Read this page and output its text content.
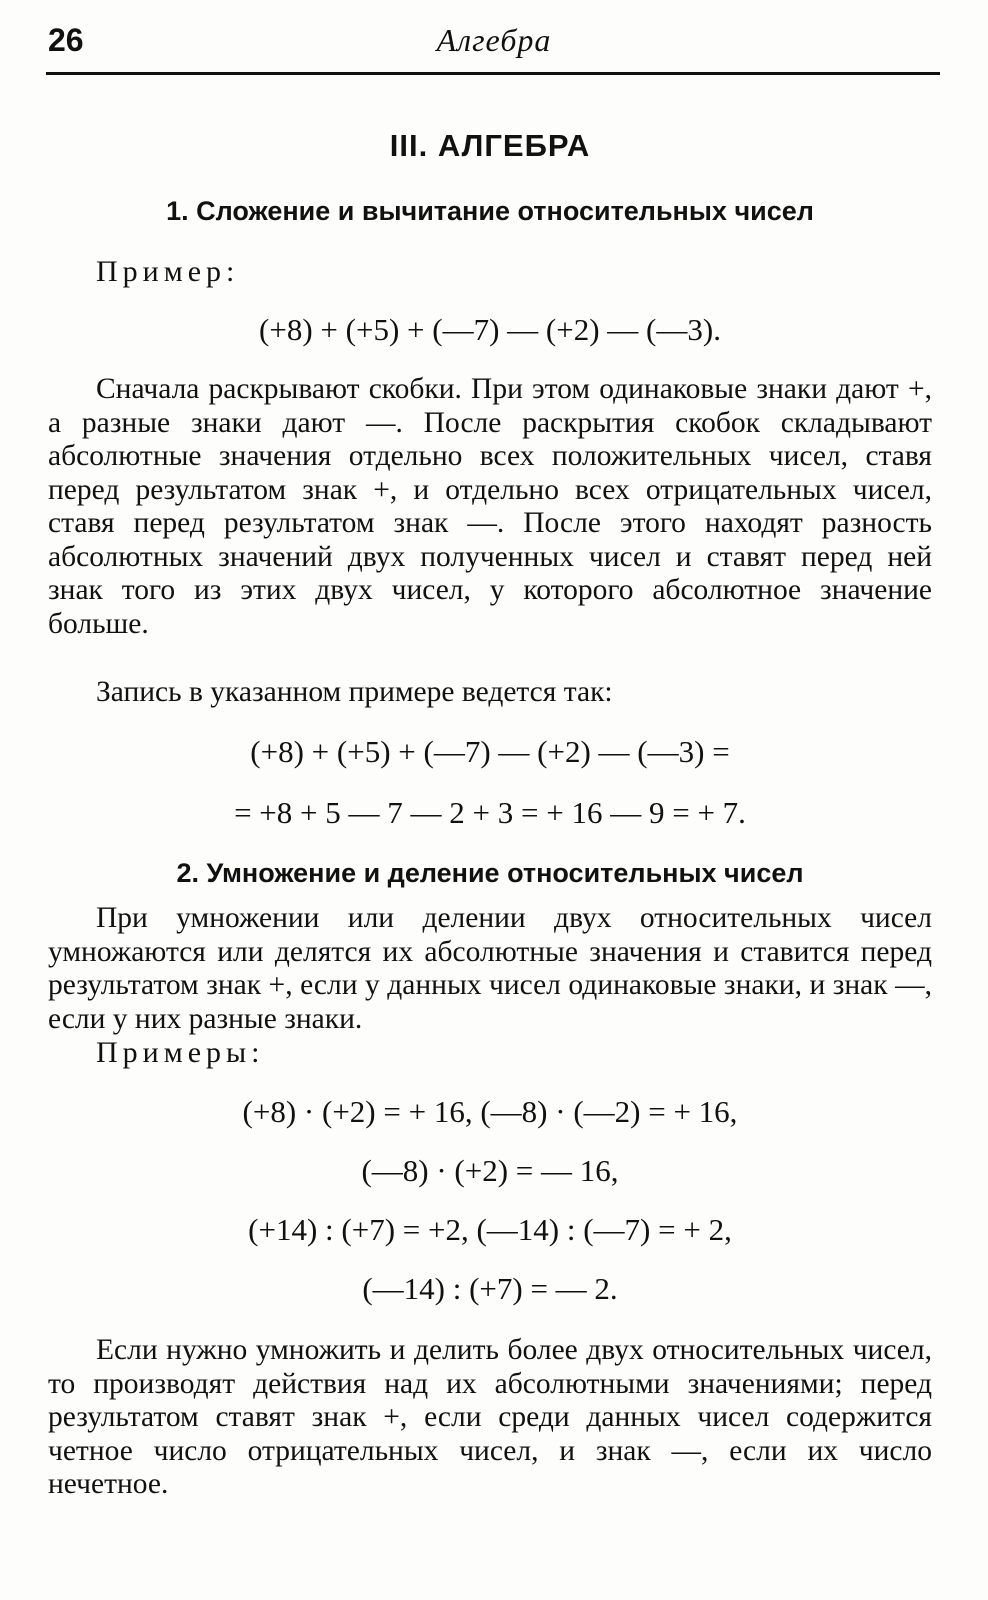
26	Алгебра
III. АЛГЕБРА
1. Сложение и вычитание относительных чисел
Пример:
(+8) + (+5) + (—7) — (+2) — (—3).
Сначала раскрывают скобки. При этом одинаковые знаки дают +, а разные знаки дают —. После раскрытия скобок складывают абсолютные значения отдельно всех положительных чисел, ставя перед результатом знак +, и отдельно всех отрицательных чисел, ставя перед результатом знак —. После этого находят разность абсолютных значений двух полученных чисел и ставят перед ней знак того из этих двух чисел, у которого абсолютное значение больше.
Запись в указанном примере ведется так:
(+8) + (+5) + (—7) — (+2) — (—3) =
= +8 + 5 — 7 — 2 + 3 = + 16 — 9 = + 7.
2. Умножение и деление относительных чисел
При умножении или делении двух относительных чисел умножаются или делятся их абсолютные значения и ставится перед результатом знак +, если у данных чисел одинаковые знаки, и знак —, если у них разные знаки.
Примеры:
(+8) · (+2) = + 16, (—8) · (—2) = + 16,
(—8) · (+2) = — 16,
(+14) : (+7) = +2, (—14) : (—7) = + 2,
(—14) : (+7) = — 2.
Если нужно умножить и делить более двух относительных чисел, то производят действия над их абсолютными значениями; перед результатом ставят знак +, если среди данных чисел содержится четное число отрицательных чисел, и знак —, если их число нечетное.
